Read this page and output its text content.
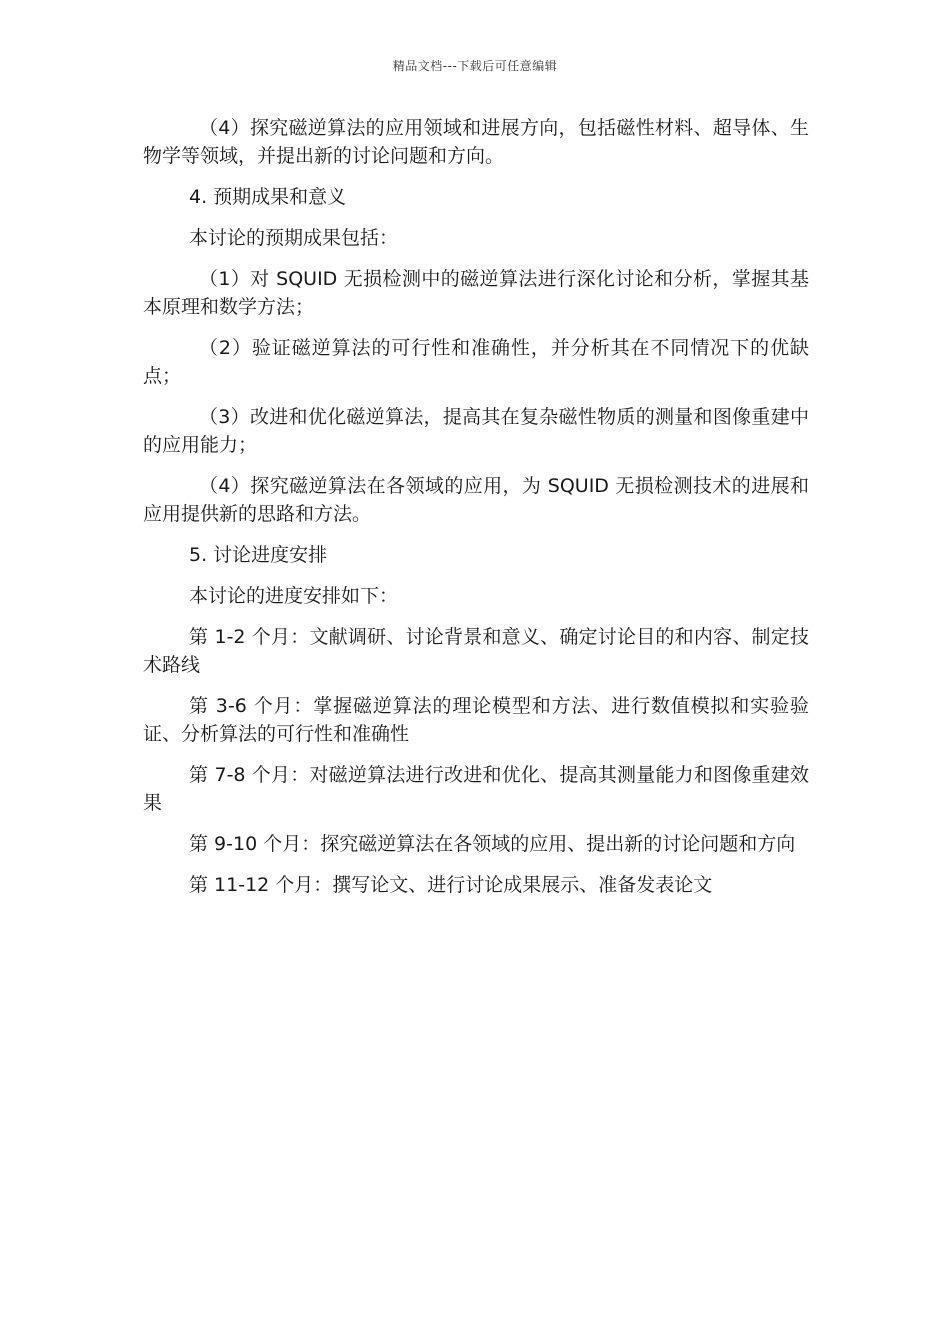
精品文档---下载后可任意编辑

（4）探究磁逆算法的应用领域和进展方向，包括磁性材料、超导体、生物学等领域，并提出新的讨论问题和方向。

4. 预期成果和意义

本讨论的预期成果包括：

（1）对 SQUID 无损检测中的磁逆算法进行深化讨论和分析，掌握其基本原理和数学方法；

（2）验证磁逆算法的可行性和准确性，并分析其在不同情况下的优缺点；

（3）改进和优化磁逆算法，提高其在复杂磁性物质的测量和图像重建中的应用能力；

（4）探究磁逆算法在各领域的应用，为 SQUID 无损检测技术的进展和应用提供新的思路和方法。

5. 讨论进度安排

本讨论的进度安排如下：

第 1-2 个月：文献调研、讨论背景和意义、确定讨论目的和内容、制定技术路线

第 3-6 个月：掌握磁逆算法的理论模型和方法、进行数值模拟和实验验证、分析算法的可行性和准确性

第 7-8 个月：对磁逆算法进行改进和优化、提高其测量能力和图像重建效果

第 9-10 个月：探究磁逆算法在各领域的应用、提出新的讨论问题和方向

第 11-12 个月：撰写论文、进行讨论成果展示、准备发表论文
